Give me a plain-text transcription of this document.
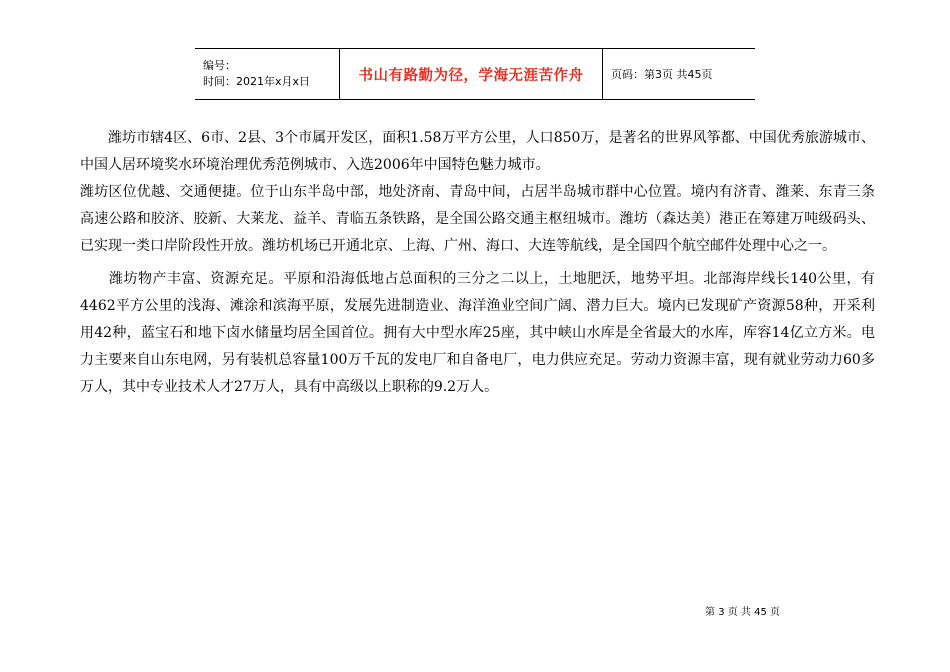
编号：
时间：2021年x月x日	书山有路勤为径，学海无涯苦作舟	页码：第3页 共45页

　　潍坊市辖4区、6市、2县、3个市属开发区，面积1.58万平方公里，人口850万，是著名的世界风筝都、中国优秀旅游城市、中国人居环境奖水环境治理优秀范例城市、入选2006年中国特色魅力城市。

潍坊区位优越、交通便捷。位于山东半岛中部，地处济南、青岛中间，占居半岛城市群中心位置。境内有济青、潍莱、东青三条高速公路和胶济、胶新、大莱龙、益羊、青临五条铁路，是全国公路交通主枢纽城市。潍坊（森达美）港正在筹建万吨级码头、已实现一类口岸阶段性开放。潍坊机场已开通北京、上海、广州、海口、大连等航线，是全国四个航空邮件处理中心之一。

　　潍坊物产丰富、资源充足。平原和沿海低地占总面积的三分之二以上，土地肥沃，地势平坦。北部海岸线长140公里，有4462平方公里的浅海、滩涂和滨海平原，发展先进制造业、海洋渔业空间广阔、潜力巨大。境内已发现矿产资源58种，开采利用42种，蓝宝石和地下卤水储量均居全国首位。拥有大中型水库25座，其中峡山水库是全省最大的水库，库容14亿立方米。电力主要来自山东电网，另有装机总容量100万千瓦的发电厂和自备电厂，电力供应充足。劳动力资源丰富，现有就业劳动力60多万人，其中专业技术人才27万人，具有中高级以上职称的9.2万人。

第 3 页 共 45 页
